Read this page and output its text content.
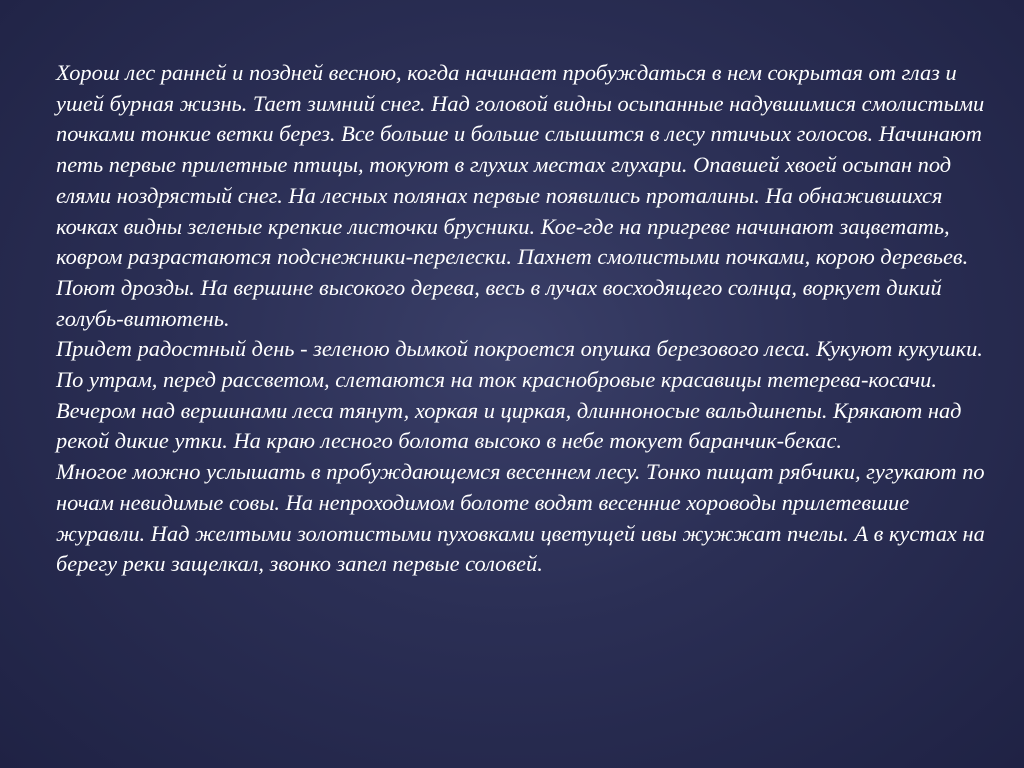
Хорош лес ранней и поздней весною, когда начинает пробуждаться в нем сокрытая от глаз и ушей бурная жизнь. Тает зимний снег. Над головой видны осыпанные надувшимися смолистыми почками тонкие ветки берез. Все больше и больше слышится в лесу птичьих голосов. Начинают петь первые прилетные птицы, токуют в глухих местах глухари. Опавшей хвоей осыпан под елями ноздрястый снег. На лесных полянах первые появились проталины. На обнажившихся кочках видны зеленые крепкие листочки брусники. Кое-где на пригреве начинают зацветать, ковром разрастаются подснежники-перелески. Пахнет смолистыми почками, корою деревьев. Поют дрозды. На вершине высокого дерева, весь в лучах восходящего солнца, воркует дикий голубь-витютень.

Придет радостный день - зеленою дымкой покроется опушка березового леса. Кукуют кукушки. По утрам, перед рассветом, слетаются на ток краснобровые красавицы тетерева-косачи.

Вечером над вершинами леса тянут, хоркая и циркая, длинноносые вальдшнепы. Крякают над рекой дикие утки. На краю лесного болота высоко в небе токует баранчик-бекас.

Многое можно услышать в пробуждающемся весеннем лесу. Тонко пищат рябчики, гугукают по ночам невидимые совы. На непроходимом болоте водят весенние хороводы прилетевшие журавли. Над желтыми золотистыми пуховками цветущей ивы жужжат пчелы. А в кустах на берегу реки защелкал, звонко запел первые соловей.
